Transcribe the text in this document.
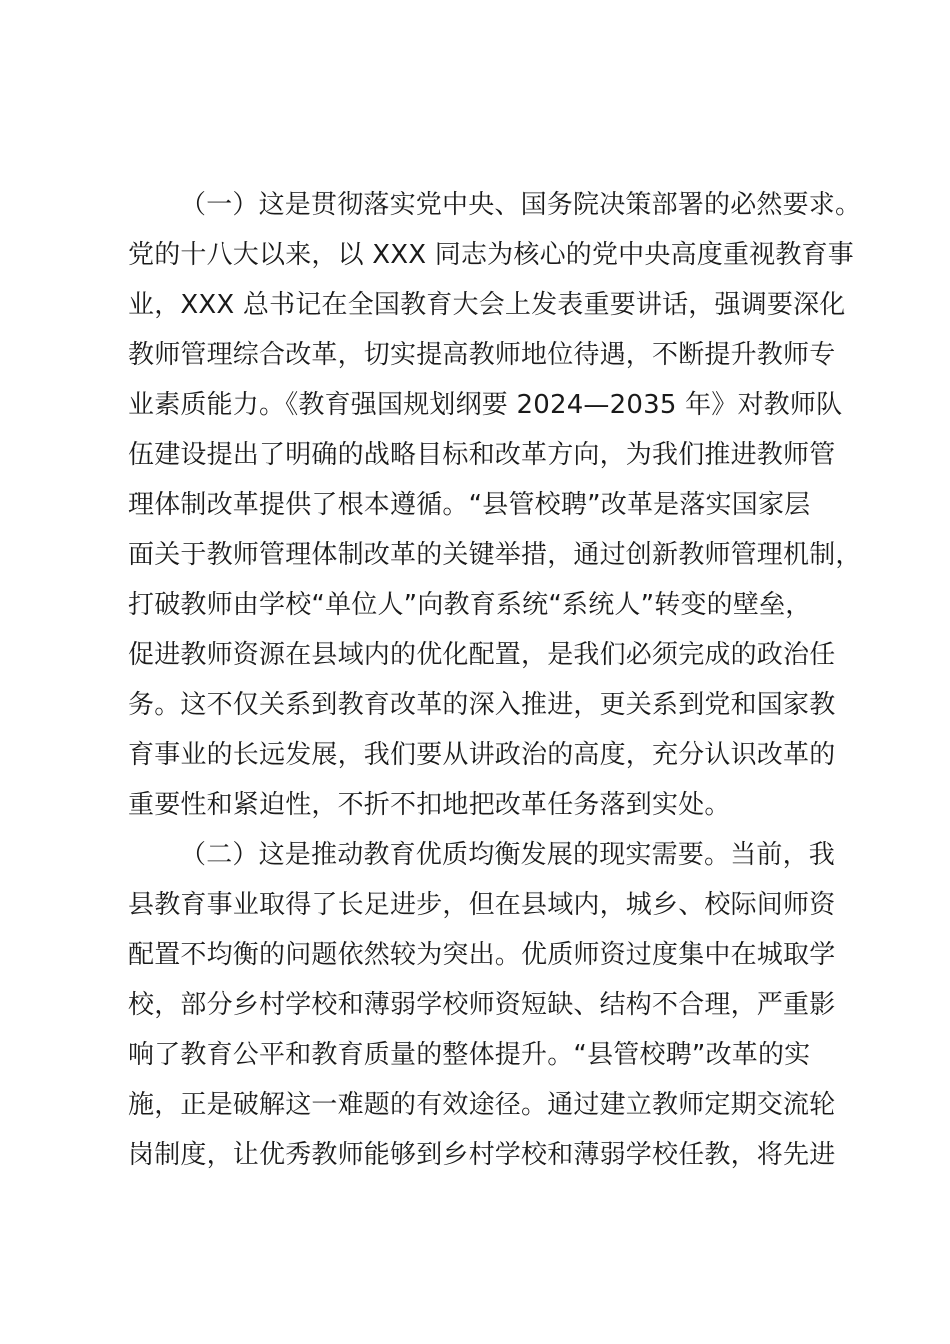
（一）这是贯彻落实党中央、国务院决策部署的必然要求。
党的十八大以来，以 XXX 同志为核心的党中央高度重视教育事
业，XXX 总书记在全国教育大会上发表重要讲话，强调要深化
教师管理综合改革，切实提高教师地位待遇，不断提升教师专
业素质能力。《教育强国规划纲要 2024—2035 年》对教师队
伍建设提出了明确的战略目标和改革方向，为我们推进教师管
理体制改革提供了根本遵循。“县管校聘”改革是落实国家层
面关于教师管理体制改革的关键举措，通过创新教师管理机制，
打破教师由学校“单位人”向教育系统“系统人”转变的壁垒，
促进教师资源在县域内的优化配置，是我们必须完成的政治任
务。这不仅关系到教育改革的深入推进，更关系到党和国家教
育事业的长远发展，我们要从讲政治的高度，充分认识改革的
重要性和紧迫性，不折不扣地把改革任务落到实处。
（二）这是推动教育优质均衡发展的现实需要。当前，我
县教育事业取得了长足进步，但在县域内，城乡、校际间师资
配置不均衡的问题依然较为突出。优质师资过度集中在城取学
校，部分乡村学校和薄弱学校师资短缺、结构不合理，严重影
响了教育公平和教育质量的整体提升。“县管校聘”改革的实
施，正是破解这一难题的有效途径。通过建立教师定期交流轮
岗制度，让优秀教师能够到乡村学校和薄弱学校任教，将先进
